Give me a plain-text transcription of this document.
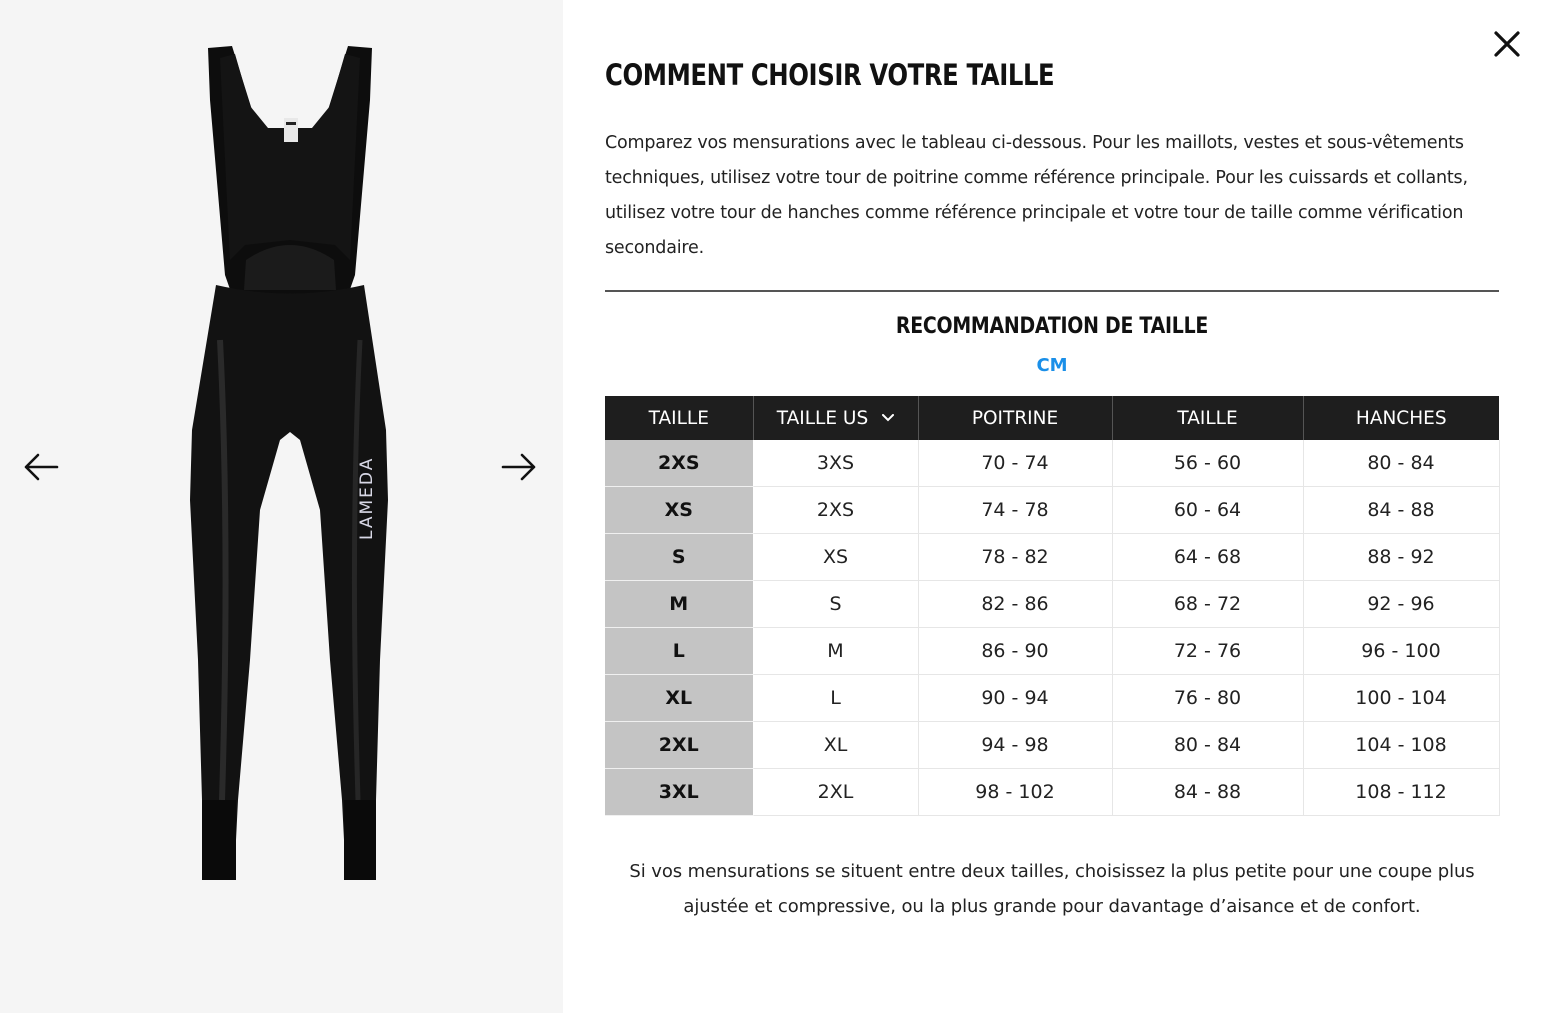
LAMEDA
COMMENT CHOISIR VOTRE TAILLE

Comparez vos mensurations avec le tableau ci-dessous. Pour les maillots, vestes et sous-vêtements techniques, utilisez votre tour de poitrine comme référence principale. Pour les cuissards et collants, utilisez votre tour de hanches comme référence principale et votre tour de taille comme vérification secondaire.

RECOMMANDATION DE TAILLE
CM
TAILLE	TAILLE US	POITRINE	TAILLE	HANCHES
2XS	3XS	70 - 74	56 - 60	80 - 84
XS	2XS	74 - 78	60 - 64	84 - 88
S	XS	78 - 82	64 - 68	88 - 92
M	S	82 - 86	68 - 72	92 - 96
L	M	86 - 90	72 - 76	96 - 100
XL	L	90 - 94	76 - 80	100 - 104
2XL	XL	94 - 98	80 - 84	104 - 108
3XL	2XL	98 - 102	84 - 88	108 - 112

Si vos mensurations se situent entre deux tailles, choisissez la plus petite pour une coupe plus ajustée et compressive, ou la plus grande pour davantage d’aisance et de confort.
